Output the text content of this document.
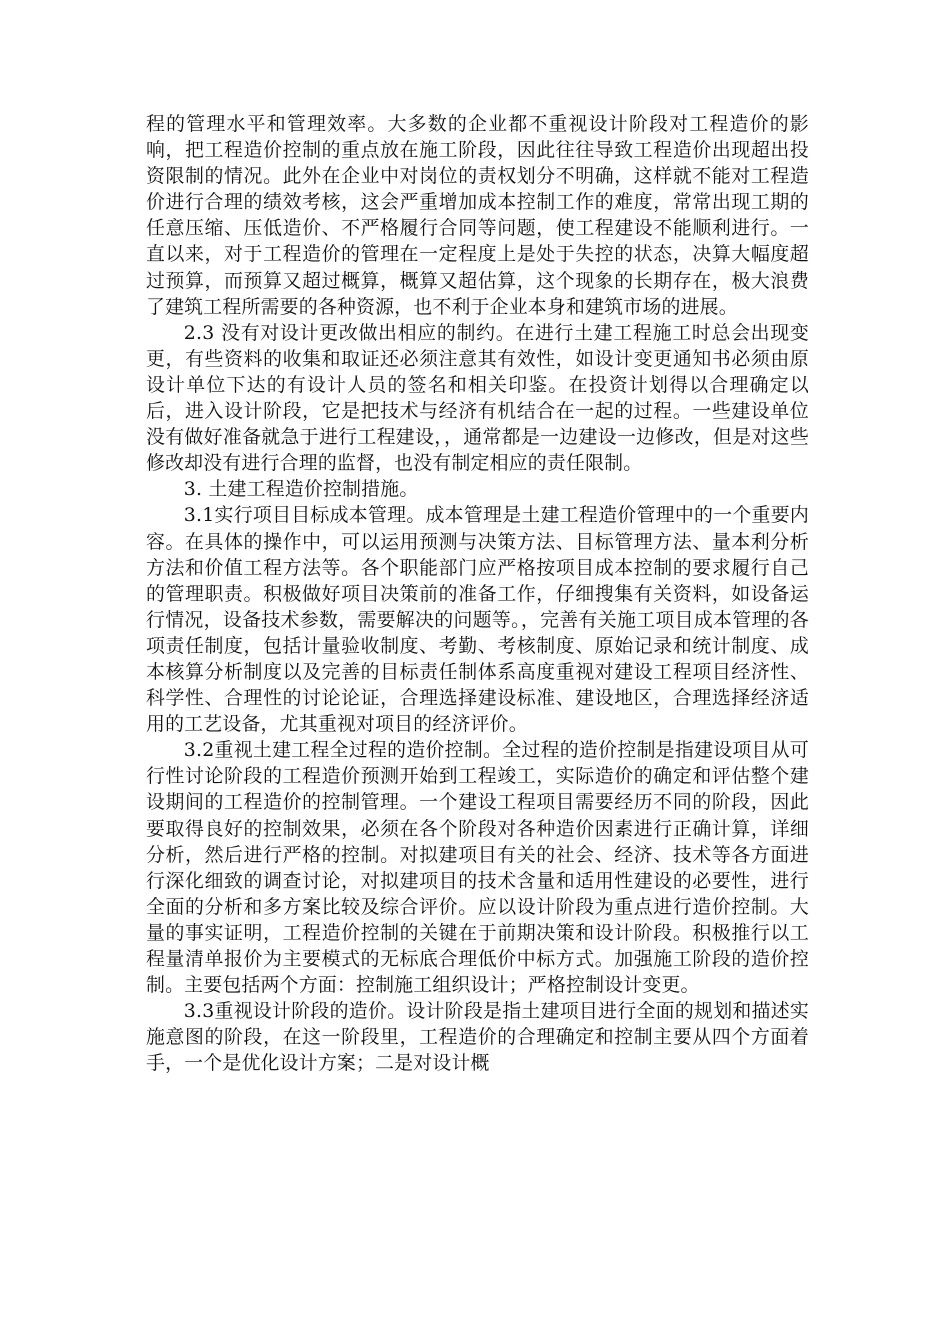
程的管理水平和管理效率。大多数的企业都不重视设计阶段对工程造价的影响，把工程造价控制的重点放在施工阶段，因此往往导致工程造价出现超出投资限制的情况。此外在企业中对岗位的责权划分不明确，这样就不能对工程造价进行合理的绩效考核，这会严重增加成本控制工作的难度，常常出现工期的任意压缩、压低造价、不严格履行合同等问题，使工程建设不能顺利进行。一直以来，对于工程造价的管理在一定程度上是处于失控的状态，决算大幅度超过预算，而预算又超过概算，概算又超估算，这个现象的长期存在，极大浪费了建筑工程所需要的各种资源，也不利于企业本身和建筑市场的进展。

2.3 没有对设计更改做出相应的制约。在进行土建工程施工时总会出现变更，有些资料的收集和取证还必须注意其有效性，如设计变更通知书必须由原设计单位下达的有设计人员的签名和相关印鉴。在投资计划得以合理确定以后，进入设计阶段，它是把技术与经济有机结合在一起的过程。一些建设单位没有做好准备就急于进行工程建设，，通常都是一边建设一边修改，但是对这些修改却没有进行合理的监督，也没有制定相应的责任限制。

3. 土建工程造价控制措施。

3.1实行项目目标成本管理。成本管理是土建工程造价管理中的一个重要内容。在具体的操作中，可以运用预测与决策方法、目标管理方法、量本利分析方法和价值工程方法等。各个职能部门应严格按项目成本控制的要求履行自己的管理职责。积极做好项目决策前的准备工作，仔细搜集有关资料，如设备运行情况，设备技术参数，需要解决的问题等。，完善有关施工项目成本管理的各项责任制度，包括计量验收制度、考勤、考核制度、原始记录和统计制度、成本核算分析制度以及完善的目标责任制体系高度重视对建设工程项目经济性、科学性、合理性的讨论论证，合理选择建设标准、建设地区，合理选择经济适用的工艺设备，尤其重视对项目的经济评价。

3.2重视土建工程全过程的造价控制。全过程的造价控制是指建设项目从可行性讨论阶段的工程造价预测开始到工程竣工，实际造价的确定和评估整个建设期间的工程造价的控制管理。一个建设工程项目需要经历不同的阶段，因此要取得良好的控制效果，必须在各个阶段对各种造价因素进行正确计算，详细分析，然后进行严格的控制。对拟建项目有关的社会、经济、技术等各方面进行深化细致的调查讨论，对拟建项目的技术含量和适用性建设的必要性，进行全面的分析和多方案比较及综合评价。应以设计阶段为重点进行造价控制。大量的事实证明，工程造价控制的关键在于前期决策和设计阶段。积极推行以工程量清单报价为主要模式的无标底合理低价中标方式。加强施工阶段的造价控制。主要包括两个方面：控制施工组织设计；严格控制设计变更。

3.3重视设计阶段的造价。设计阶段是指土建项目进行全面的规划和描述实施意图的阶段，在这一阶段里，工程造价的合理确定和控制主要从四个方面着手，一个是优化设计方案；二是对设计概
